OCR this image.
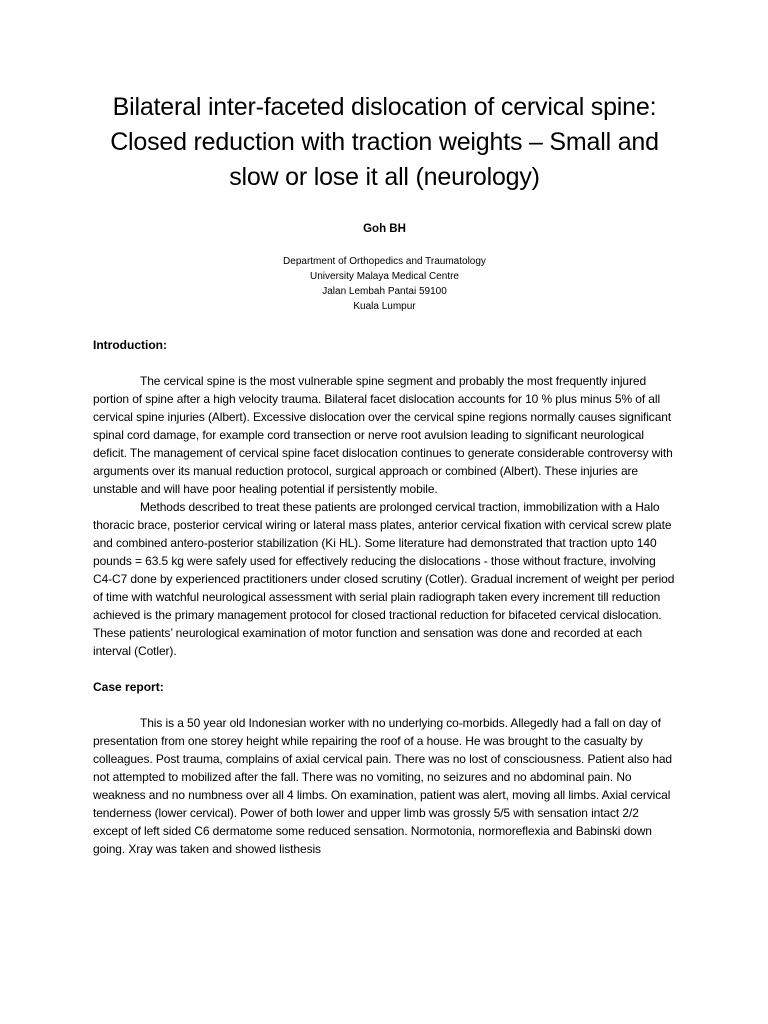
Bilateral inter-faceted dislocation of cervical spine: Closed reduction with traction weights – Small and slow or lose it all (neurology)
Goh BH
Department of Orthopedics and Traumatology
University Malaya Medical Centre
Jalan Lembah Pantai 59100
Kuala Lumpur
Introduction:

The cervical spine is the most vulnerable spine segment and probably the most frequently injured portion of spine after a high velocity trauma. Bilateral facet dislocation accounts for 10 % plus minus 5% of all cervical spine injuries (Albert). Excessive dislocation over the cervical spine regions normally causes significant spinal cord damage, for example cord transection or nerve root avulsion leading to significant neurological deficit. The management of cervical spine facet dislocation continues to generate considerable controversy with arguments over its manual reduction protocol, surgical approach or combined (Albert). These injuries are unstable and will have poor healing potential if persistently mobile.

Methods described to treat these patients are prolonged cervical traction, immobilization with a Halo thoracic brace, posterior cervical wiring or lateral mass plates, anterior cervical fixation with cervical screw plate and combined antero-posterior stabilization (Ki HL). Some literature had demonstrated that traction upto 140 pounds = 63.5 kg were safely used for effectively reducing the dislocations - those without fracture, involving C4-C7 done by experienced practitioners under closed scrutiny (Cotler). Gradual increment of weight per period of time with watchful neurological assessment with serial plain radiograph taken every increment till reduction achieved is the primary management protocol for closed tractional reduction for bifaceted cervical dislocation. These patients’ neurological examination of motor function and sensation was done and recorded at each interval (Cotler).

Case report:

This is a 50 year old Indonesian worker with no underlying co-morbids. Allegedly had a fall on day of presentation from one storey height while repairing the roof of a house. He was brought to the casualty by colleagues. Post trauma, complains of axial cervical pain. There was no lost of consciousness. Patient also had not attempted to mobilized after the fall. There was no vomiting, no seizures and no abdominal pain. No weakness and no numbness over all 4 limbs. On examination, patient was alert, moving all limbs. Axial cervical tenderness (lower cervical). Power of both lower and upper limb was grossly 5/5 with sensation intact 2/2 except of left sided C6 dermatome some reduced sensation. Normotonia, normoreflexia and Babinski down going. Xray was taken and showed listhesis
